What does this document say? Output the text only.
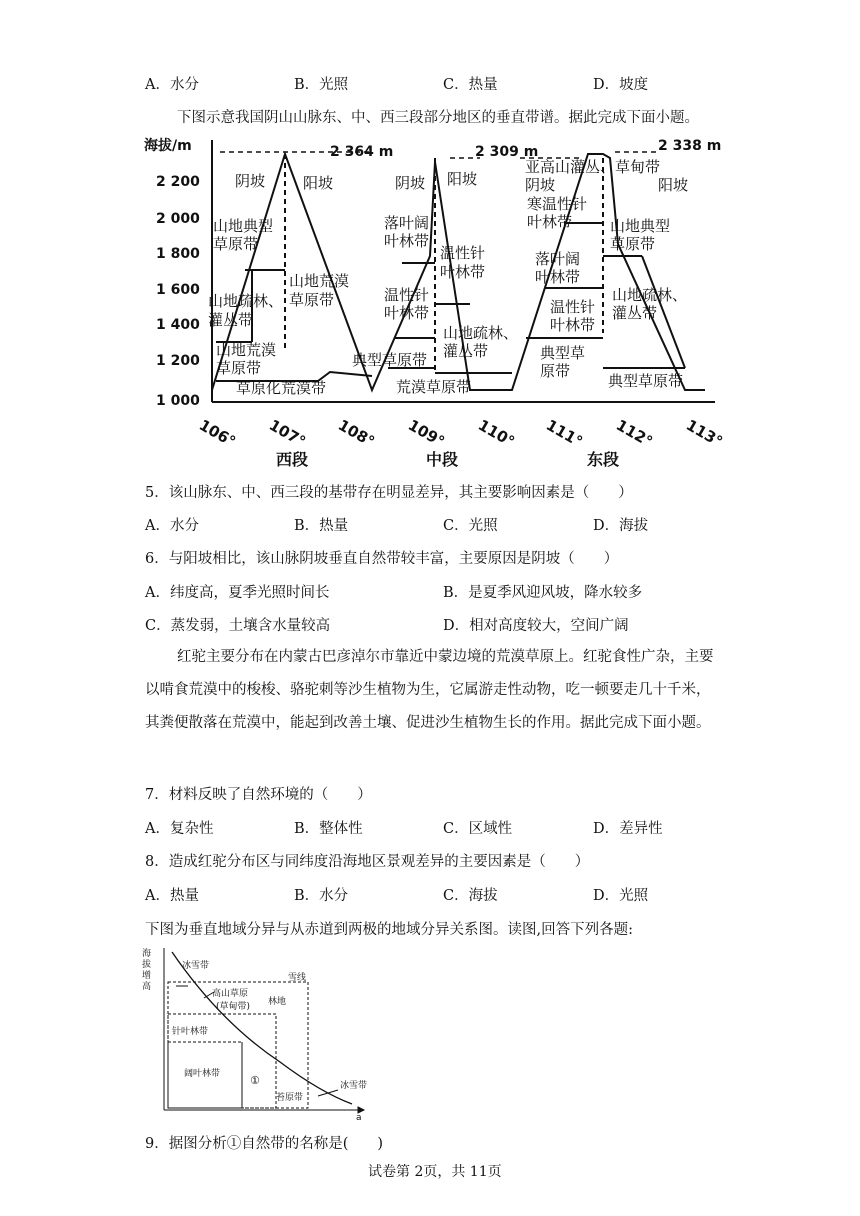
A．水分	B．光照	C．热量	D．坡度
下图示意我国阴山山脉东、中、西三段部分地区的垂直带谱。据此完成下面小题。
海拔/m
2 200
2 000
1 800
1 600
1 400
1 200
1 000
2 364 m	2 309 m	2 338 m
106° 107° 108° 109° 110° 111° 112° 113°
西段	中段	东段
阴坡	阳坡
山地典型
草原带
山地疏林、
灌丛带
山地荒漠
草原带
山地荒漠
草原带
草原化荒漠带
阴坡 阳坡
落叶阔
叶林带
温性针
叶林带
温性针
叶林带
山地疏林、
灌丛带
典型草原带
荒漠草原带
亚高山灌丛、草甸带
阴坡	阳坡
寒温性针
叶林带
落叶阔
叶林带
温性针
叶林带
典型草
原带
山地典型
草原带
山地疏林、
灌丛带
典型草原带
5．该山脉东、中、西三段的基带存在明显差异，其主要影响因素是（　　）
A．水分	B．热量	C．光照	D．海拔
6．与阳坡相比，该山脉阴坡垂直自然带较丰富，主要原因是阴坡（　　）
A．纬度高，夏季光照时间长	B．是夏季风迎风坡，降水较多
C．蒸发弱，土壤含水量较高	D．相对高度较大，空间广阔
红驼主要分布在内蒙古巴彦淖尔市靠近中蒙边境的荒漠草原上。红驼食性广杂，主要以啃食荒漠中的梭梭、骆驼刺等沙生植物为生，它属游走性动物，吃一顿要走几十千米，其粪便散落在荒漠中，能起到改善土壤、促进沙生植物生长的作用。据此完成下面小题。
7．材料反映了自然环境的（　　）
A．复杂性	B．整体性	C．区域性	D．差异性
8．造成红驼分布区与同纬度沿海地区景观差异的主要因素是（　　）
A．热量	B．水分	C．海拔	D．光照
下图为垂直地域分异与从赤道到两极的地域分异关系图。读图,回答下列各题:
海
拔
增
高
a
冰雪带
雪线
高山草原
(草甸带) 林地
针叶林带
阔叶林带	①
苔原带
冰雪带
9．据图分析①自然带的名称是(　　)
试卷第 2页，共 11页
